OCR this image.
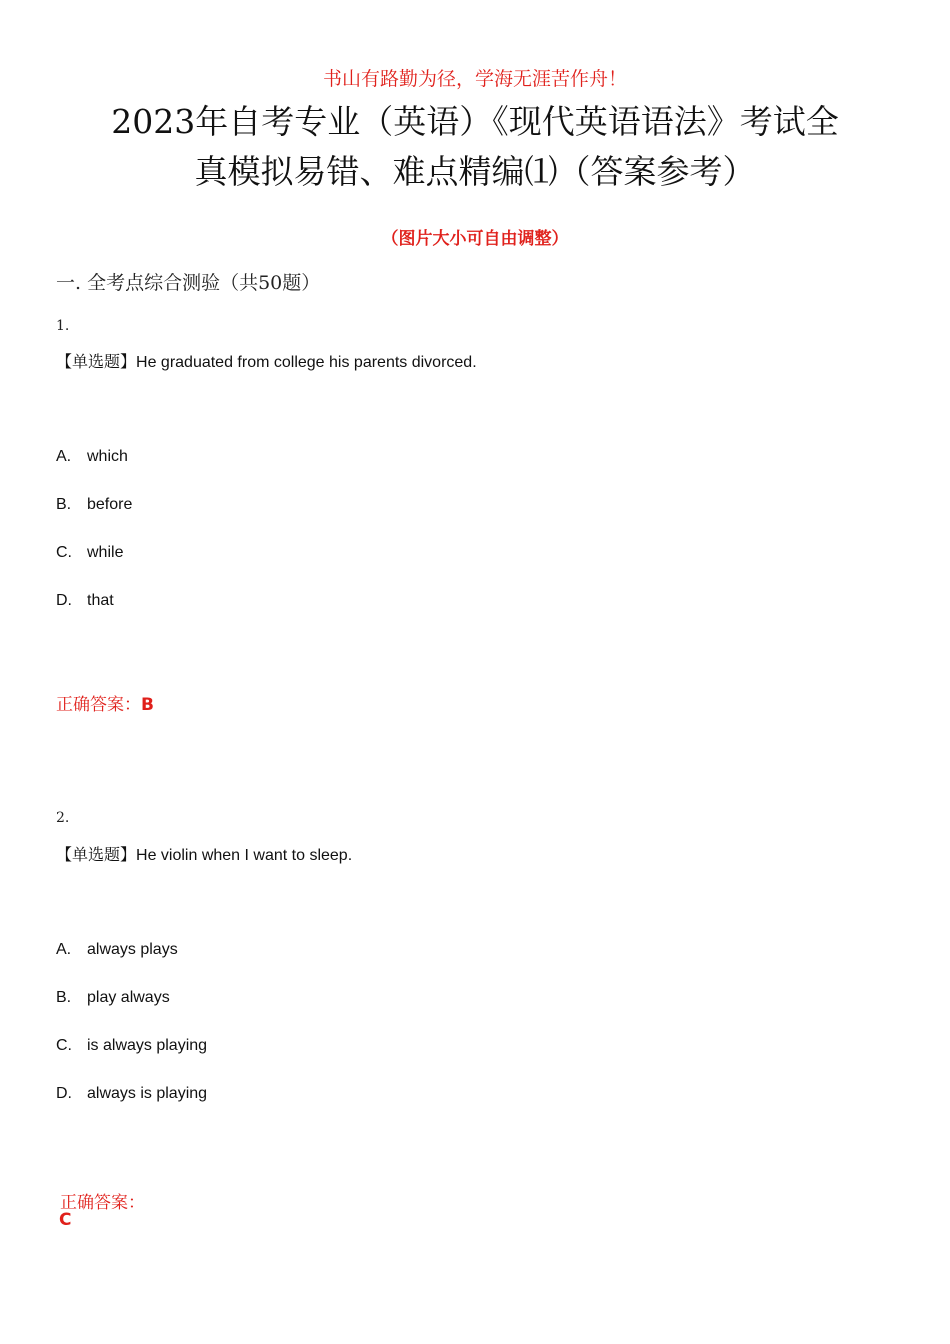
书山有路勤为径，学海无涯苦作舟！
2023年自考专业（英语）《现代英语语法》考试全
真模拟易错、难点精编⑴（答案参考）
（图片大小可自由调整）
一. 全考点综合测验（共50题）
1.
【单选题】He graduated from college his parents divorced.
A. which
B. before
C. while
D. that
正确答案：B
2.
【单选题】He violin when I want to sleep.
A. always plays
B. play always
C. is always playing
D. always is playing
正确答案：
C
